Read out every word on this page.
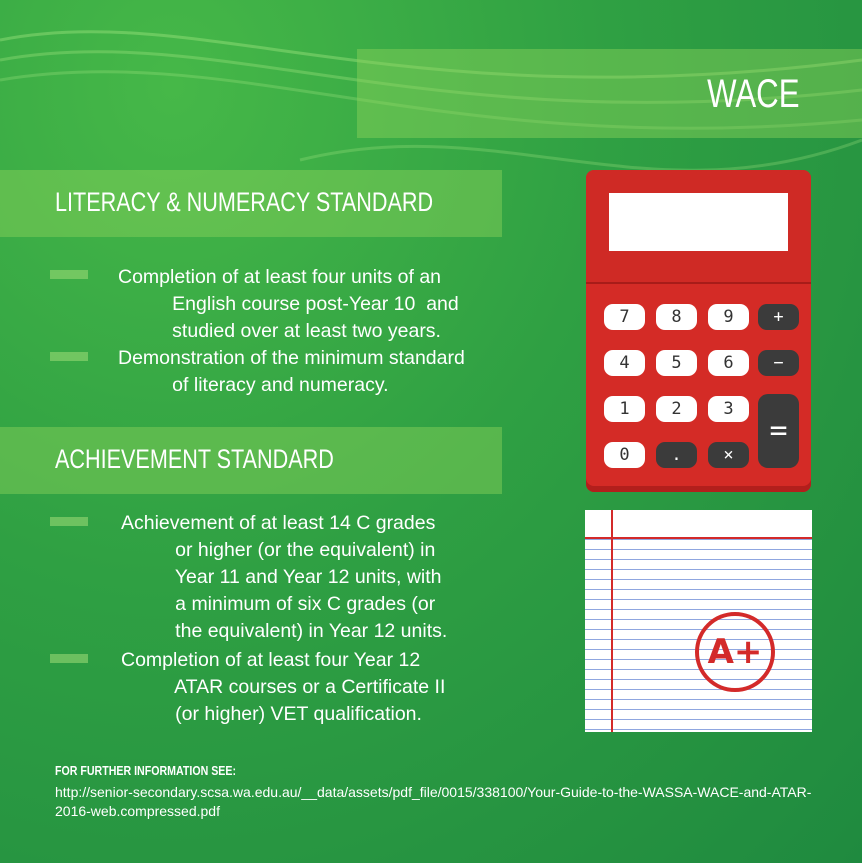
WACE
LITERACY & NUMERACY STANDARD
Completion of at least four units of an
English course post-Year 10  and
studied over at least two years.
Demonstration of the minimum standard
of literacy and numeracy.
ACHIEVEMENT STANDARD
Achievement of at least 14 C grades
or higher (or the equivalent) in
Year 11 and Year 12 units, with
a minimum of six C grades (or
the equivalent) in Year 12 units.
Completion of at least four Year 12
ATAR courses or a Certificate II
(or higher) VET qualification.
FOR FURTHER INFORMATION SEE:
http://senior-secondary.scsa.wa.edu.au/__data/assets/pdf_file/0015/338100/Your-Guide-to-the-WASSA-WACE-and-ATAR-2016-web.compressed.pdf
7	8	9	+
4	5	6	−
1	2	3
=
0	.	×
A+
